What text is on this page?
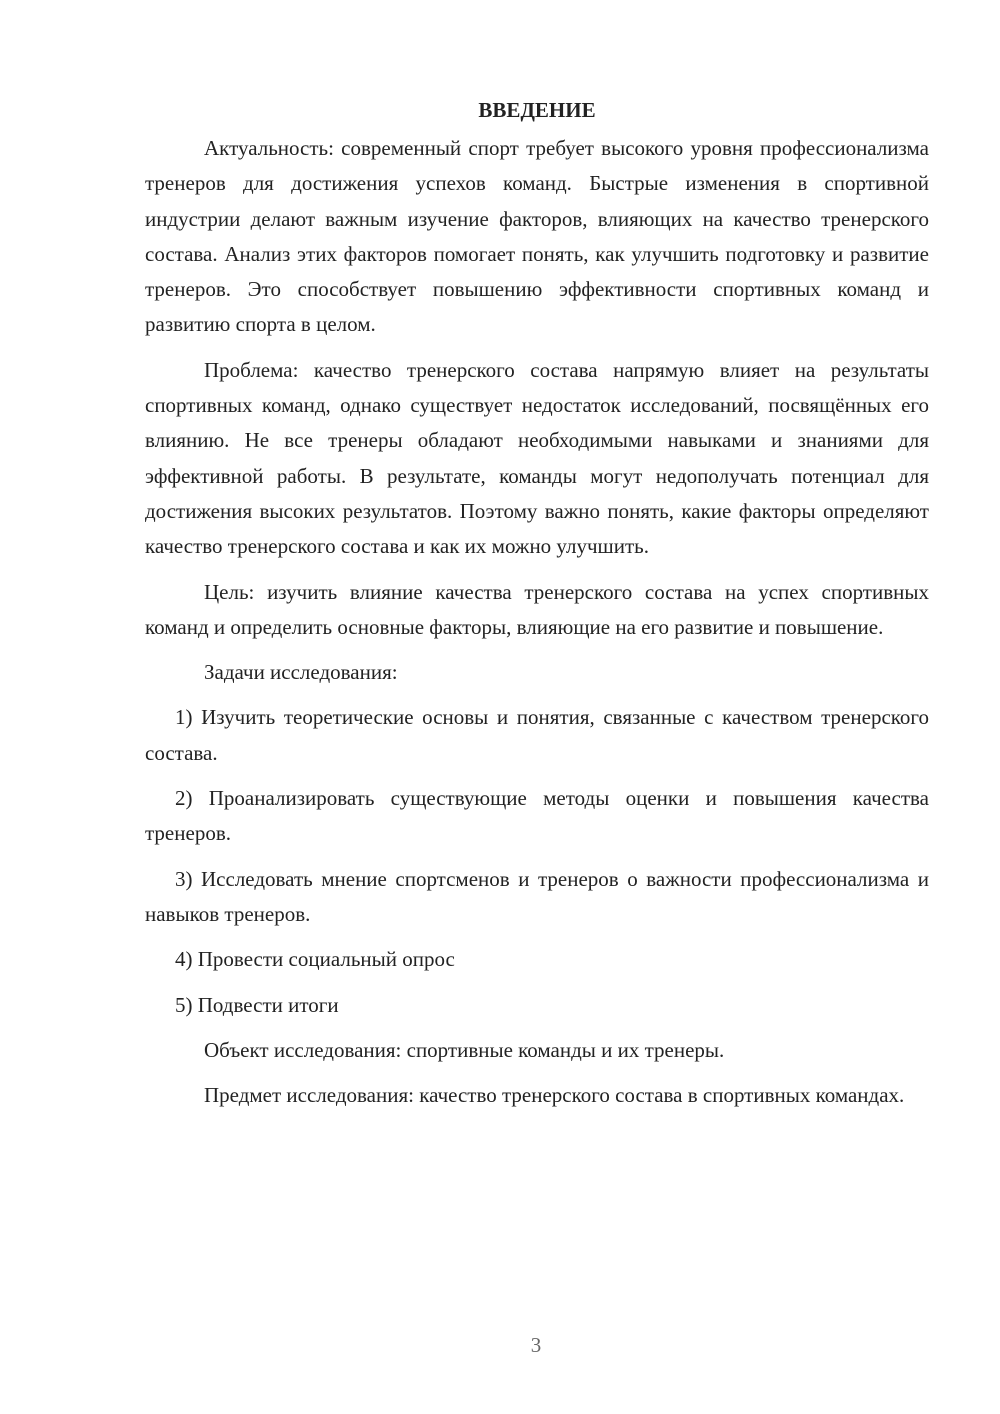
ВВЕДЕНИЕ

Актуальность: современный спорт требует высокого уровня профессионализма тренеров для достижения успехов команд. Быстрые изменения в спортивной индустрии делают важным изучение факторов, влияющих на качество тренерского состава. Анализ этих факторов помогает понять, как улучшить подготовку и развитие тренеров. Это способствует повышению эффективности спортивных команд и развитию спорта в целом.

Проблема: качество тренерского состава напрямую влияет на результаты спортивных команд, однако существует недостаток исследований, посвящённых его влиянию. Не все тренеры обладают необходимыми навыками и знаниями для эффективной работы. В результате, команды могут недополучать потенциал для достижения высоких результатов. Поэтому важно понять, какие факторы определяют качество тренерского состава и как их можно улучшить.

Цель: изучить влияние качества тренерского состава на успех спортивных команд и определить основные факторы, влияющие на его развитие и повышение.

Задачи исследования:

1) Изучить теоретические основы и понятия, связанные с качеством тренерского состава.

2) Проанализировать существующие методы оценки и повышения качества тренеров.

3) Исследовать мнение спортсменов и тренеров о важности профессионализма и навыков тренеров.

4) Провести социальный опрос

5) Подвести итоги

Объект исследования: спортивные команды и их тренеры.

Предмет исследования: качество тренерского состава в спортивных командах.

3
